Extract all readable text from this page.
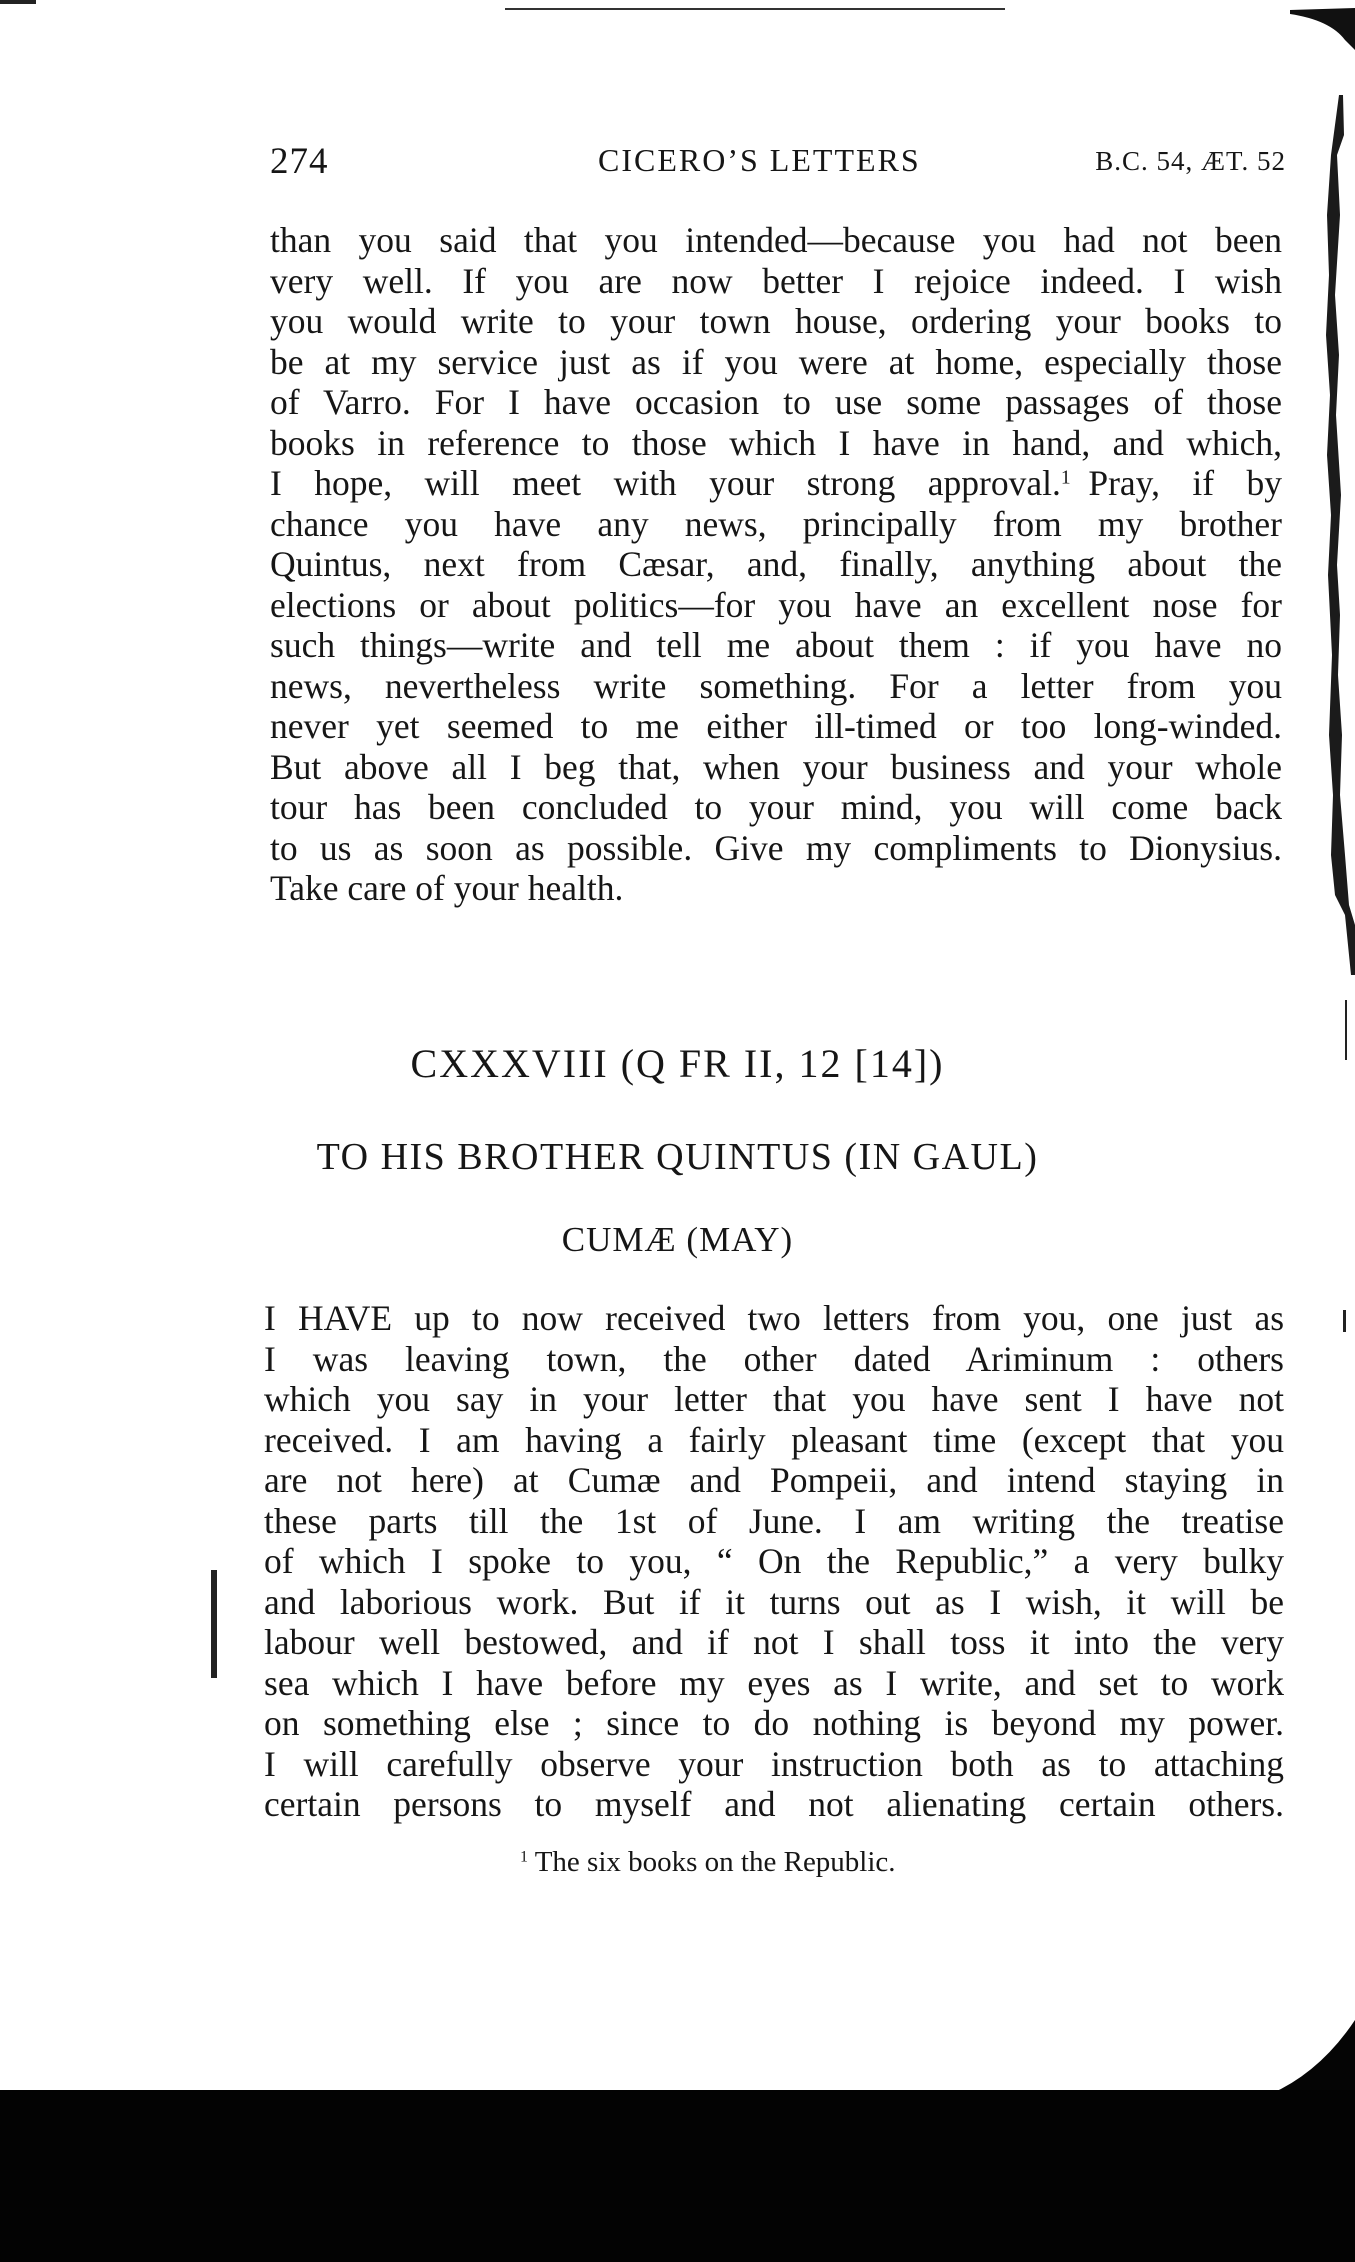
274	CICERO’S LETTERS	B.C. 54, ÆT. 52
than you said that you intended—because you had not been
very well. If you are now better I rejoice indeed. I wish
you would write to your town house, ordering your books to
be at my service just as if you were at home, especially those
of Varro. For I have occasion to use some passages of those
books in reference to those which I have in hand, and which,
I hope, will meet with your strong approval.$^1$  Pray, if by
chance you have any news, principally from my brother
Quintus, next from Cæsar, and, finally, anything about the
elections or about politics—for you have an excellent nose for
such things—write and tell me about them : if you have no
news, nevertheless write something. For a letter from you
never yet seemed to me either ill-timed or too long-winded.
But above all I beg that, when your business and your whole
tour has been concluded to your mind, you will come back
to us as soon as possible. Give my compliments to Dionysius.
Take care of your health.
CXXXVIII (Q FR II, 12 [14])
TO HIS BROTHER QUINTUS (IN GAUL)
CUMÆ (MAY)
I HAVE up to now received two letters from you, one just as
I was leaving town, the other dated Ariminum : others
which you say in your letter that you have sent I have not
received. I am having a fairly pleasant time (except that you
are not here) at Cumæ and Pompeii, and intend staying in
these parts till the 1st of June. I am writing the treatise
of which I spoke to you, “ On the Republic,” a very bulky
and laborious work. But if it turns out as I wish, it will be
labour well bestowed, and if not I shall toss it into the very
sea which I have before my eyes as I write, and set to work
on something else ; since to do nothing is beyond my power.
I will carefully observe your instruction both as to attaching
certain persons to myself and not alienating certain others.
$^1$ The six books on the Republic.
